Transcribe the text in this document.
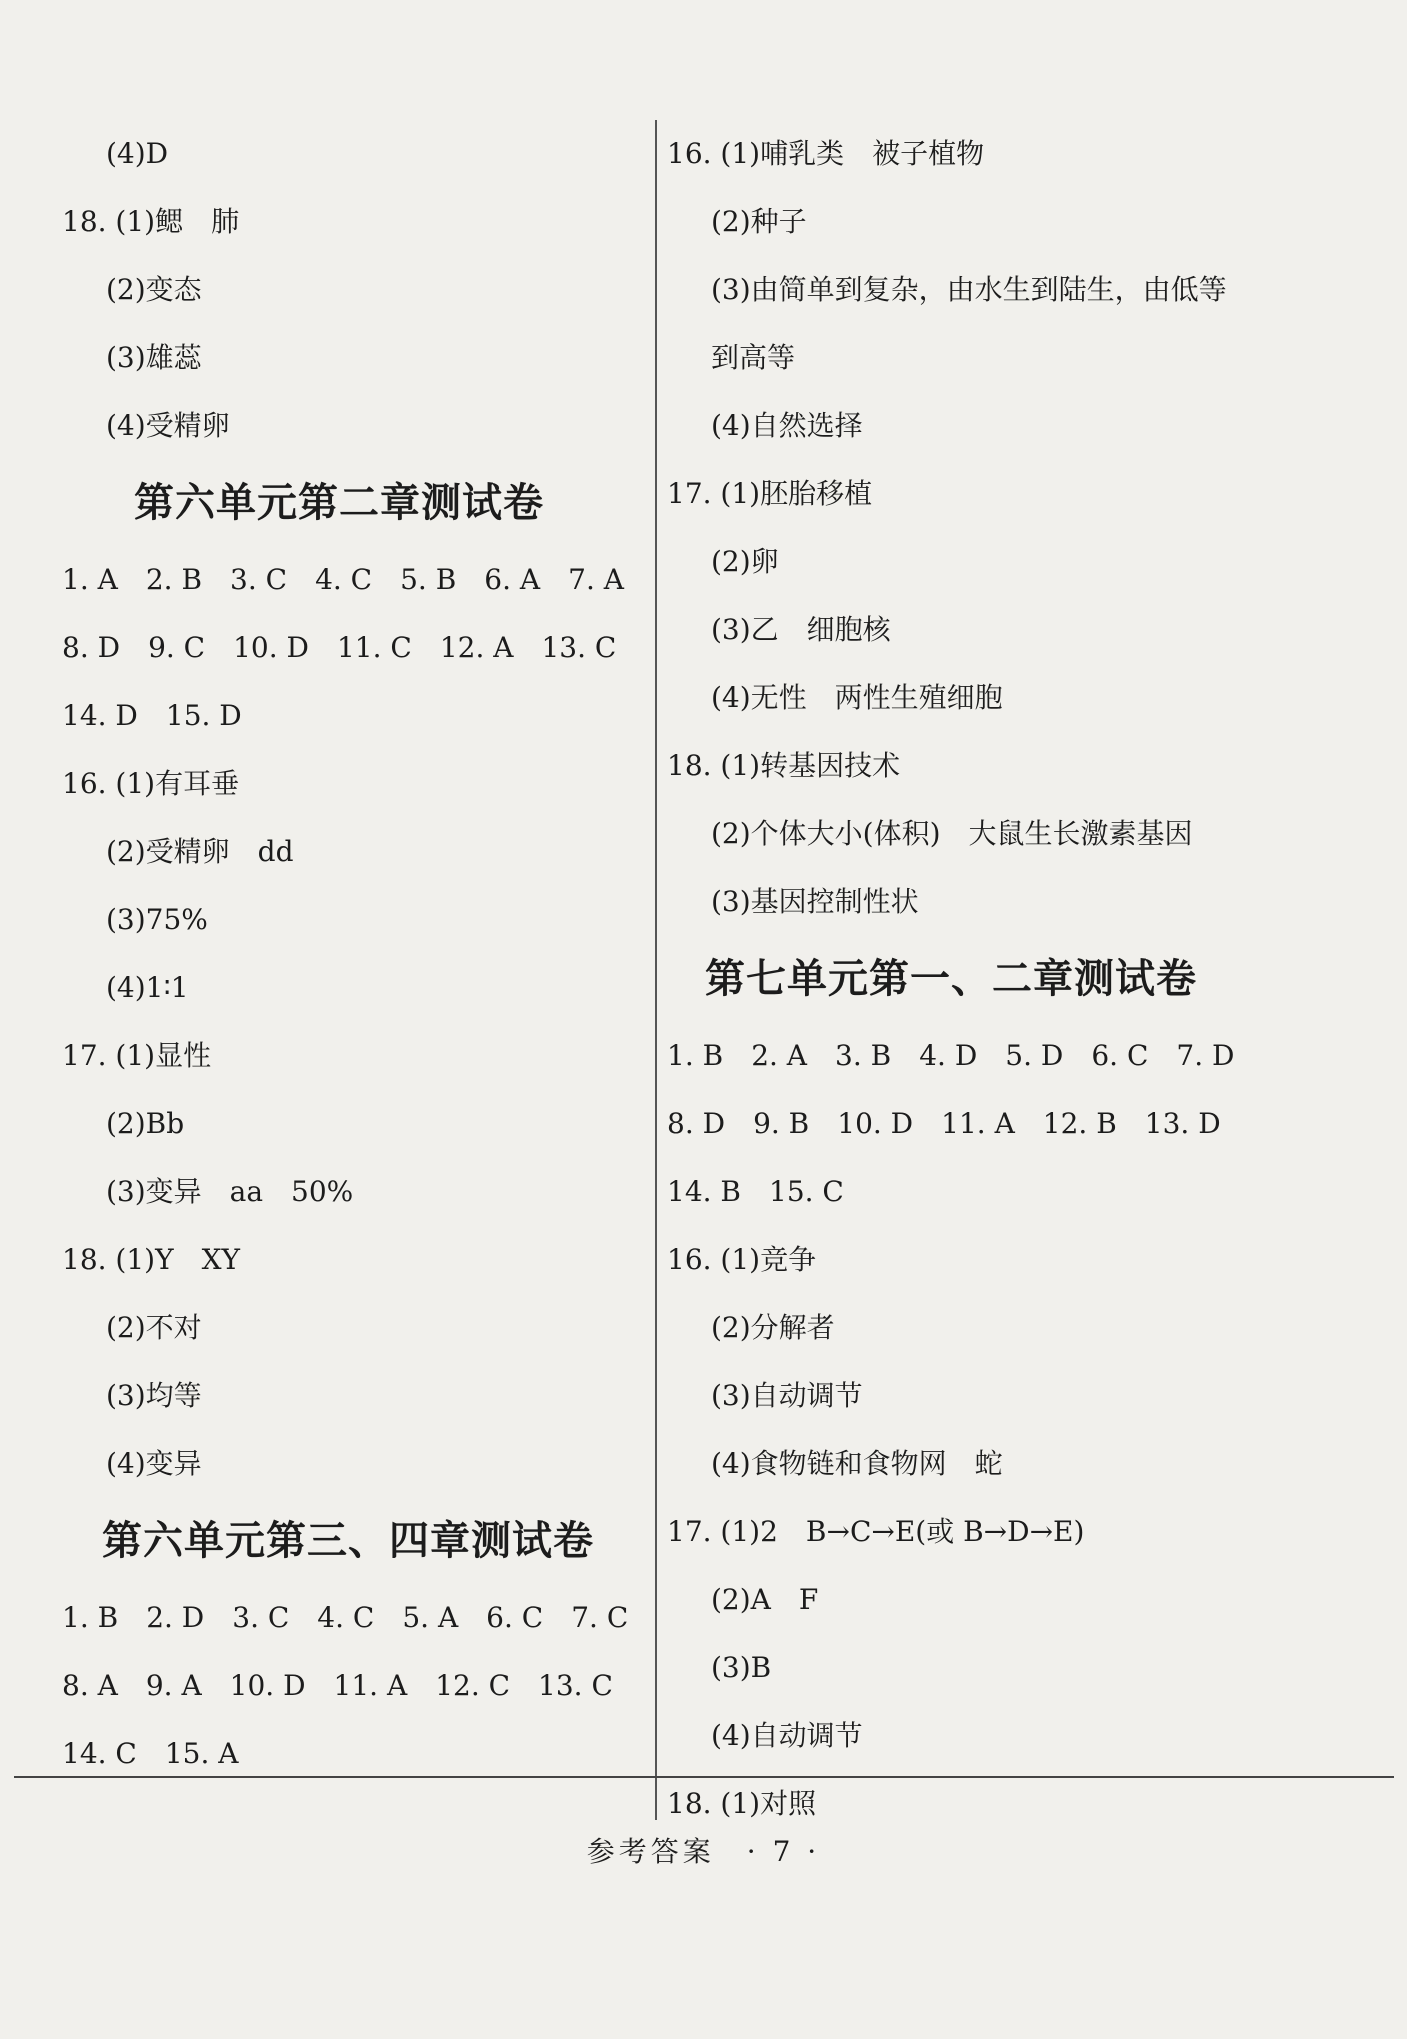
(4)D
18. (1)鳃　肺
(2)变态
(3)雄蕊
(4)受精卵
第六单元第二章测试卷
1. A　2. B　3. C　4. C　5. B　6. A　7. A
8. D　9. C　10. D　11. C　12. A　13. C
14. D　15. D
16. (1)有耳垂
(2)受精卵　dd
(3)75%
(4)1∶1
17. (1)显性
(2)Bb
(3)变异　aa　50%
18. (1)Y　XY
(2)不对
(3)均等
(4)变异
第六单元第三、四章测试卷
1. B　2. D　3. C　4. C　5. A　6. C　7. C
8. A　9. A　10. D　11. A　12. C　13. C
14. C　15. A
16. (1)哺乳类　被子植物
(2)种子
(3)由简单到复杂，由水生到陆生，由低等
到高等
(4)自然选择
17. (1)胚胎移植
(2)卵
(3)乙　细胞核
(4)无性　两性生殖细胞
18. (1)转基因技术
(2)个体大小(体积)　大鼠生长激素基因
(3)基因控制性状
第七单元第一、二章测试卷
1. B　2. A　3. B　4. D　5. D　6. C　7. D
8. D　9. B　10. D　11. A　12. B　13. D
14. B　15. C
16. (1)竞争
(2)分解者
(3)自动调节
(4)食物链和食物网　蛇
17. (1)2　B→C→E(或 B→D→E)
(2)A　F
(3)B
(4)自动调节
18. (1)对照
参考答案　· 7 ·
